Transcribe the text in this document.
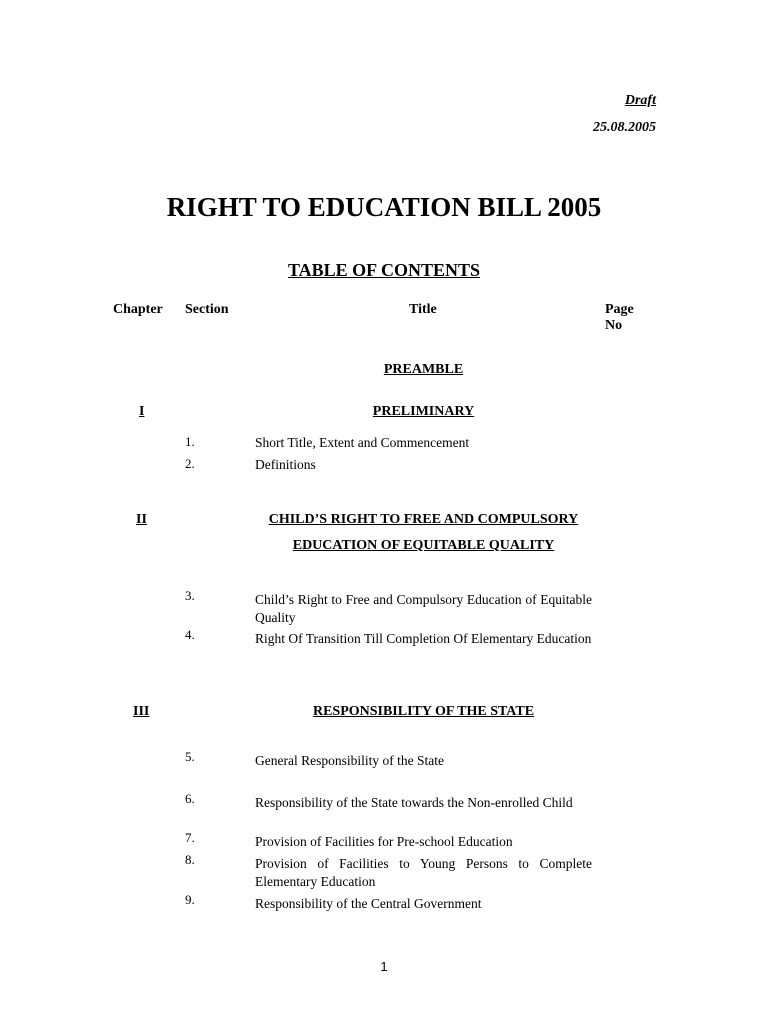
Draft
25.08.2005
RIGHT TO EDUCATION BILL 2005
TABLE OF CONTENTS
Chapter Section	Title	Page
No
PREAMBLE
I	PRELIMINARY
1.	Short Title, Extent and Commencement
2.	Definitions
II	CHILD’S RIGHT TO FREE AND COMPULSORY
EDUCATION OF EQUITABLE QUALITY
3.	Child’s Right to Free and Compulsory Education of Equitable Quality
4.	Right Of Transition Till Completion Of Elementary Education
III	RESPONSIBILITY OF THE STATE
5.	General Responsibility of the State
6.	Responsibility of the State towards the Non-enrolled Child
7.	Provision of Facilities for Pre-school Education
8.	Provision of Facilities to Young Persons to Complete Elementary Education
9.	Responsibility of the Central Government
1
